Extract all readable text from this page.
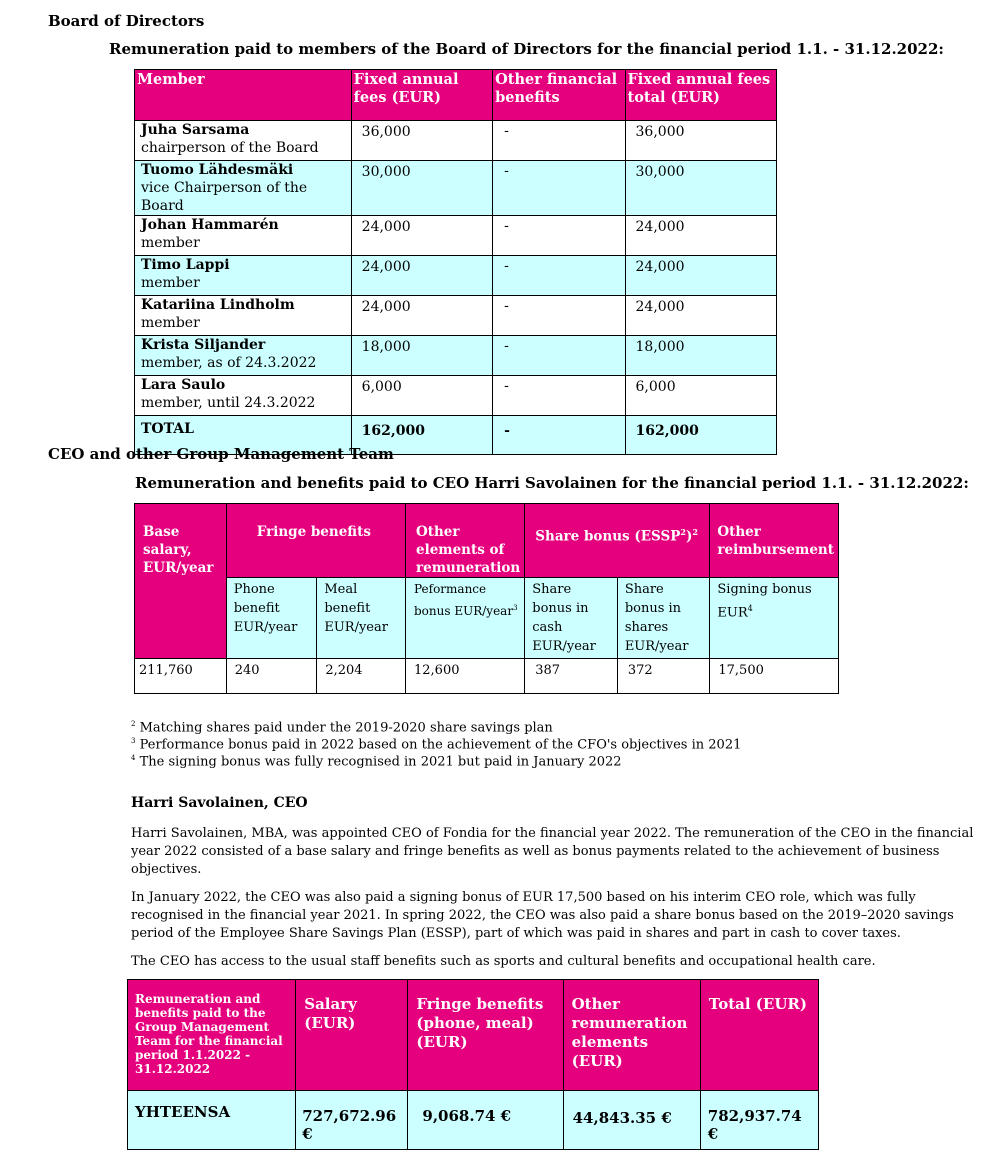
Board of Directors
Remuneration paid to members of the Board of Directors for the financial period 1.1. - 31.12.2022:
Member	Fixed annual fees (EUR)	Other financial benefits	Fixed annual fees total (EUR)

Juha Sarsama
chairperson of the Board	36,000	-	36,000

Tuomo Lähdesmäki
vice Chairperson of the Board	30,000	-	30,000

Johan Hammarén
member	24,000	-	24,000

Timo Lappi
member	24,000	-	24,000

Katariina Lindholm
member	24,000	-	24,000

Krista Siljander
member, as of 24.3.2022	18,000	-	18,000

Lara Saulo
member, until 24.3.2022	6,000	-	6,000
TOTAL	162,000	-	162,000
CEO and other Group Management Team
Remuneration and benefits paid to CEO Harri Savolainen for the financial period 1.1. - 31.12.2022:
Base salary, EUR/year	Fringe benefits		Other elements of remuneration	Share bonus (ESSP$^2$)$^2$		Other reimbursement
	Phone benefit EUR/year	Meal benefit EUR/year	Peformance bonus EUR/year$^3$	Share bonus in cash EUR/year	Share bonus in shares EUR/year	Signing bonus EUR$^4$
211,760	240	2,204	12,600	387	372	17,500
$^2$ Matching shares paid under the 2019-2020 share savings plan
$^3$ Performance bonus paid in 2022 based on the achievement of the CFO's objectives in 2021
$^4$ The signing bonus was fully recognised in 2021 but paid in January 2022
Harri Savolainen, CEO

Harri Savolainen, MBA, was appointed CEO of Fondia for the financial year 2022. The remuneration of the CEO in the financial year 2022 consisted of a base salary and fringe benefits as well as bonus payments related to the achievement of business objectives.

In January 2022, the CEO was also paid a signing bonus of EUR 17,500 based on his interim CEO role, which was fully recognised in the financial year 2021. In spring 2022, the CEO was also paid a share bonus based on the 2019–2020 savings period of the Employee Share Savings Plan (ESSP), part of which was paid in shares and part in cash to cover taxes.

The CEO has access to the usual staff benefits such as sports and cultural benefits and occupational health care.

Remuneration and benefits paid to the Group Management Team for the financial period 1.1.2022 - 31.12.2022	Salary (EUR)	Fringe benefits (phone, meal) (EUR)	Other remuneration elements (EUR)	Total (EUR)
YHTEENSA	727,672.96 €	9,068.74 €	44,843.35 €	782,937.74 €
